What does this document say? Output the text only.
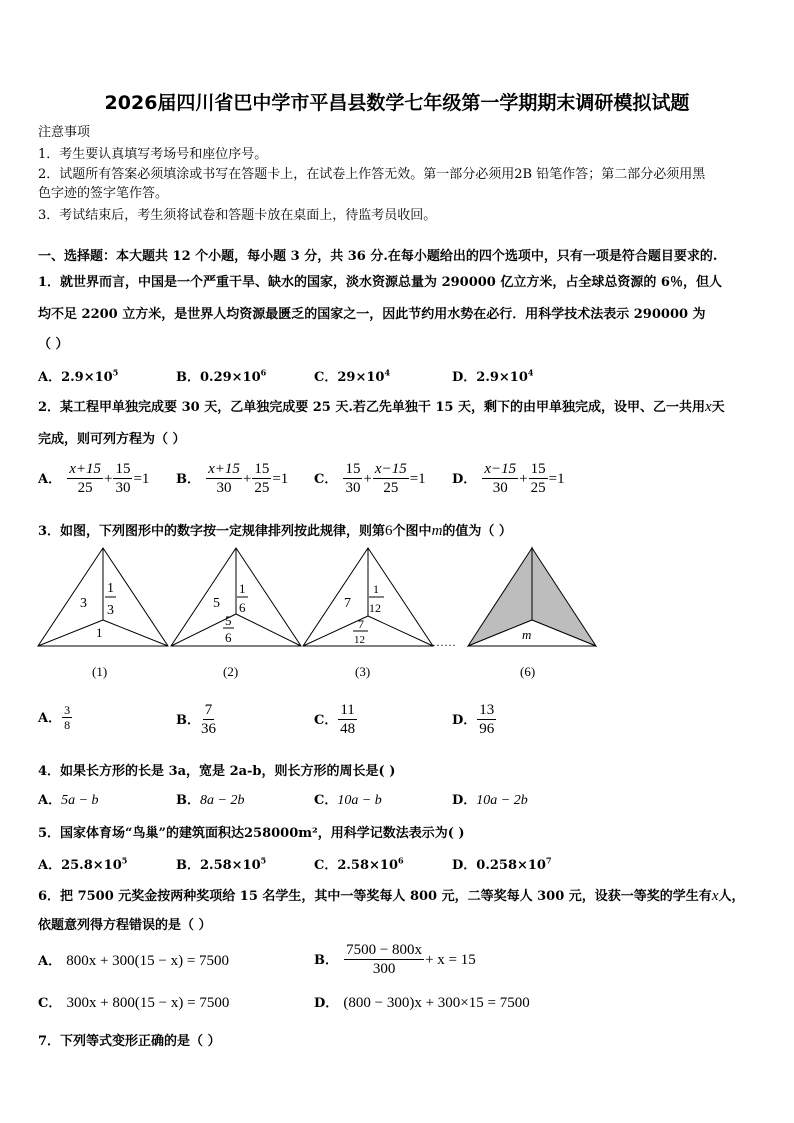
2026届四川省巴中学市平昌县数学七年级第一学期期末调研模拟试题
注意事项
1．考生要认真填写考场号和座位序号。
2．试题所有答案必须填涂或书写在答题卡上，在试卷上作答无效。第一部分必须用2B 铅笔作答；第二部分必须用黑
色字迹的签字笔作答。
3．考试结束后，考生须将试卷和答题卡放在桌面上，待监考员收回。
一、选择题：本大题共 12 个小题，每小题 3 分，共 36 分.在每小题给出的四个选项中，只有一项是符合题目要求的.
1．就世界而言，中国是一个严重干旱、缺水的国家，淡水资源总量为 290000 亿立方米，占全球总资源的 6％，但人
均不足 2200 立方米，是世界人均资源最匮乏的国家之一，因此节约用水势在必行．用科学技术法表示 290000 为
（ ）
A．$2.9\times 10^5$	B．$0.29\times 10^6$	C．$29\times 10^4$	D．$2.9\times 10^4$
2．某工程甲单独完成要 30 天，乙单独完成要 25 天.若乙先单独干 15 天，剩下的由甲单独完成，设甲、乙一共用x天
完成，则可列方程为（ ）
A． $\frac{x+15}{25} + \frac{15}{30} =1$ B． $\frac{x+15}{30} + \frac{15}{25} =1$ C． $\frac{15}{30} + \frac{x-15}{25} =1$ D． $\frac{x-15}{30} + \frac{15}{25} =1$
3．如图，下列图形中的数字按一定规律排列按此规律，则第6个图中m的值为（ ）
3
1
3
1
(1)
5
1
6
5
6
(2)
7
1
12
7
12
(3)
……	m
(6)
A． $\frac{3}{8}$	B． $\frac{7}{36}$	C． $\frac{11}{48}$	D． $\frac{13}{96}$
4．如果长方形的长是 3a，宽是 2a-b，则长方形的周长是( )
A．5a − b	B．8a − 2b	C．10a − b	D．10a − 2b
5．国家体育场“鸟巢”的建筑面积达258000m²，用科学记数法表示为( )
A．$25.8\times 10^5$	B．$2.58\times 10^5$	C．$2.58\times 10^6$	D．$0.258\times 10^7$
6．把 7500 元奖金按两种奖项给 15 名学生，其中一等奖每人 800 元，二等奖每人 300 元，设获一等奖的学生有x人，
依题意列得方程错误的是（ ）
A． 800x + 300(15 − x) = 7500	B． $\frac{7500 - 800x}{300} + x = 15$
C． 300x + 800(15 − x) = 7500	D． (800 − 300)x + 300×15 = 7500
7．下列等式变形正确的是（ ）
